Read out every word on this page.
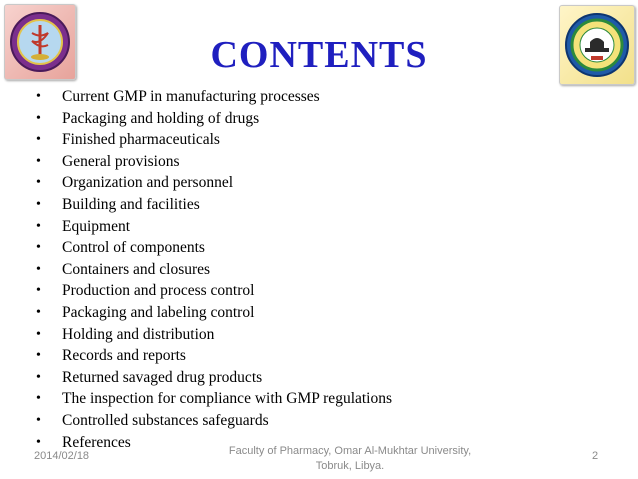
CONTENTS
• Current GMP in manufacturing processes
• Packaging and holding of drugs
• Finished pharmaceuticals
• General provisions
• Organization and personnel
• Building and facilities
• Equipment
• Control of components
• Containers and closures
• Production and process control
• Packaging and labeling control
• Holding and distribution
• Records and reports
• Returned savaged drug products
• The inspection for compliance with GMP regulations
• Controlled substances safeguards
• References
2014/02/18	Faculty of Pharmacy, Omar Al-Mukhtar University,
Tobruk, Libya.
2
